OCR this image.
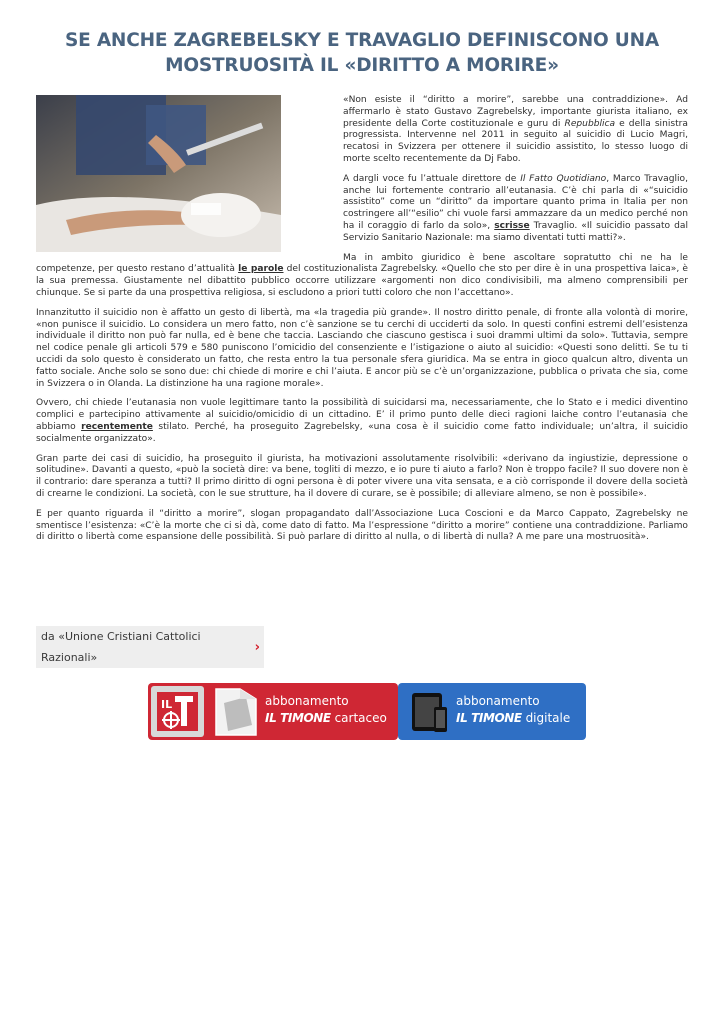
SE ANCHE ZAGREBELSKY E TRAVAGLIO DEFINISCONO UNA
MOSTRUOSITÀ IL «DIRITTO A MORIRE»

«Non esiste il “diritto a morire”, sarebbe una contraddizione». Ad affermarlo è stato Gustavo Zagrebelsky, importante giurista italiano, ex presidente della Corte costituzionale e guru di Repubblica e della sinistra progressista. Intervenne nel 2011 in seguito al suicidio di Lucio Magri, recatosi in Svizzera per ottenere il suicidio assistito, lo stesso luogo di morte scelto recentemente da Dj Fabo.

A dargli voce fu l’attuale direttore de Il Fatto Quotidiano, Marco Travaglio, anche lui fortemente contrario all’eutanasia. C’è chi parla di «“suicidio assistito” come un “diritto” da importare quanto prima in Italia per non costringere all’“esilio” chi vuole farsi ammazzare da un medico perché non ha il coraggio di farlo da solo», scrisse Travaglio. «Il suicidio passato dal Servizio Sanitario Nazionale: ma siamo diventati tutti matti?».

Ma in ambito giuridico è bene ascoltare sopratutto chi ne ha le competenze, per questo restano d’attualità le parole del costituzionalista Zagrebelsky. «Quello che sto per dire è in una prospettiva laica», è la sua premessa. Giustamente nel dibattito pubblico occorre utilizzare «argomenti non dico condivisibili, ma almeno comprensibili per chiunque. Se si parte da una prospettiva religiosa, si escludono a priori tutti coloro che non l’accettano».

Innanzitutto il suicidio non è affatto un gesto di libertà, ma «la tragedia più grande». Il nostro diritto penale, di fronte alla volontà di morire, «non punisce il suicidio. Lo considera un mero fatto, non c’è sanzione se tu cerchi di ucciderti da solo. In questi confini estremi dell’esistenza individuale il diritto non può far nulla, ed è bene che taccia. Lasciando che ciascuno gestisca i suoi drammi ultimi da solo». Tuttavia, sempre nel codice penale gli articoli 579 e 580 puniscono l’omicidio del consenziente e l’istigazione o aiuto al suicidio: «Questi sono delitti. Se tu ti uccidi da solo questo è considerato un fatto, che resta entro la tua personale sfera giuridica. Ma se entra in gioco qualcun altro, diventa un fatto sociale. Anche solo se sono due: chi chiede di morire e chi l’aiuta. E ancor più se c’è un’organizzazione, pubblica o privata che sia, come in Svizzera o in Olanda. La distinzione ha una ragione morale».

Ovvero, chi chiede l’eutanasia non vuole legittimare tanto la possibilità di suicidarsi ma, necessariamente, che lo Stato e i medici diventino complici e partecipino attivamente al suicidio/omicidio di un cittadino. E’ il primo punto delle dieci ragioni laiche contro l’eutanasia che abbiamo recentemente stilato. Perché, ha proseguito Zagrebelsky, «una cosa è il suicidio come fatto individuale; un’altra, il suicidio socialmente organizzato».

Gran parte dei casi di suicidio, ha proseguito il giurista, ha motivazioni assolutamente risolvibili: «derivano da ingiustizie, depressione o solitudine». Davanti a questo, «può la società dire: va bene, togliti di mezzo, e io pure ti aiuto a farlo? Non è troppo facile? Il suo dovere non è il contrario: dare speranza a tutti? Il primo diritto di ogni persona è di poter vivere una vita sensata, e a ciò corrisponde il dovere della società di crearne le condizioni. La società, con le sue strutture, ha il dovere di curare, se è possibile; di alleviare almeno, se non è possibile».

E per quanto riguarda il “diritto a morire”, slogan propagandato dall’Associazione Luca Coscioni e da Marco Cappato, Zagrebelsky ne smentisce l’esistenza: «C’è la morte che ci si dà, come dato di fatto. Ma l’espressione “diritto a morire” contiene una contraddizione. Parliamo di diritto o libertà come espansione delle possibilità. Si può parlare di diritto al nulla, o di libertà di nulla? A me pare una mostruosità».

da «Unione Cristiani Cattolici
Razionali»
›
IL	abbonamento
IL TIMONE cartaceo
abbonamento
IL TIMONE digitale
